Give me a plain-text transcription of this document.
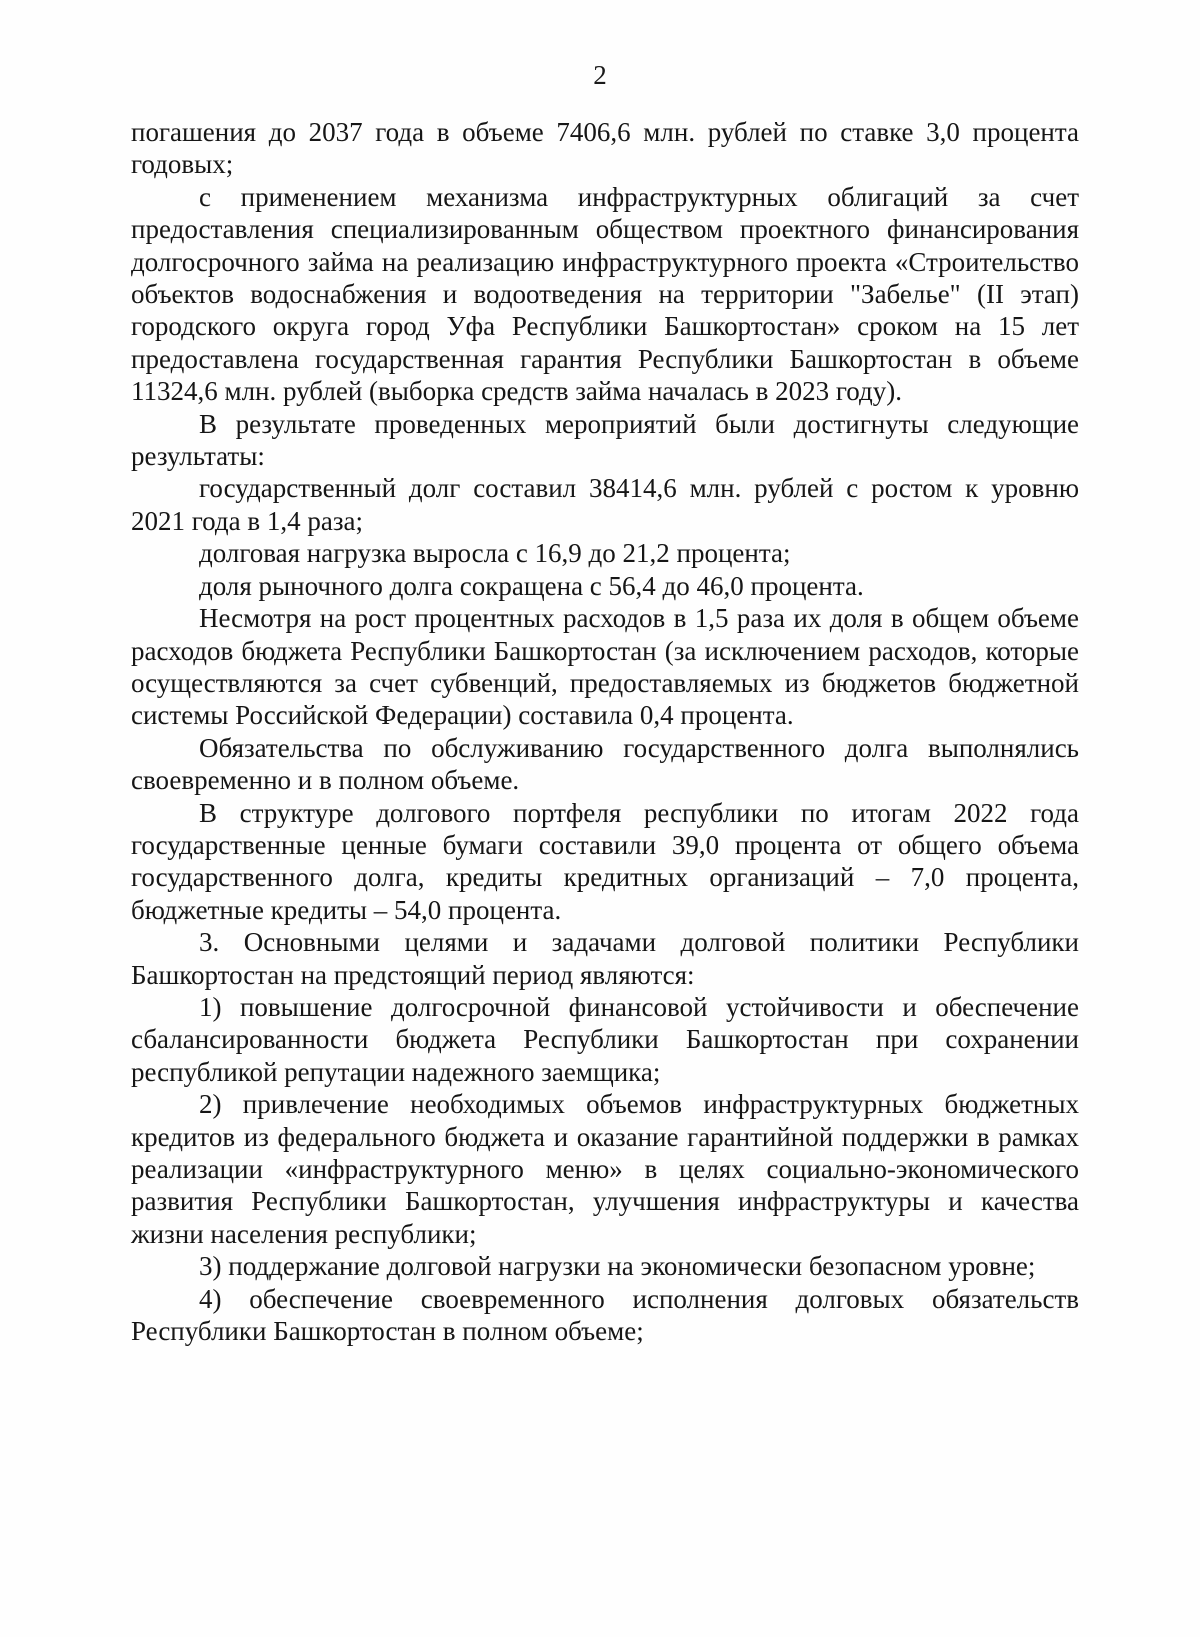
2

погашения до 2037 года в объеме 7406,6 млн. рублей по ставке 3,0 процента годовых;

с применением механизма инфраструктурных облигаций за счет предоставления специализированным обществом проектного финансирования долгосрочного займа на реализацию инфраструктурного проекта «Строительство объектов водоснабжения и водоотведения на территории "Забелье" (II этап) городского округа город Уфа Республики Башкортостан» сроком на 15 лет предоставлена государственная гарантия Республики Башкортостан в объеме 11324,6 млн. рублей (выборка средств займа началась в 2023 году).

В результате проведенных мероприятий были достигнуты следующие результаты:

государственный долг составил 38414,6 млн. рублей с ростом к уровню 2021 года в 1,4 раза;

долговая нагрузка выросла с 16,9 до 21,2 процента;

доля рыночного долга сокращена с 56,4 до 46,0 процента.

Несмотря на рост процентных расходов в 1,5 раза их доля в общем объеме расходов бюджета Республики Башкортостан (за исключением расходов, которые осуществляются за счет субвенций, предоставляемых из бюджетов бюджетной системы Российской Федерации) составила 0,4 процента.

Обязательства по обслуживанию государственного долга выполнялись своевременно и в полном объеме.

В структуре долгового портфеля республики по итогам 2022 года государственные ценные бумаги составили 39,0 процента от общего объема государственного долга, кредиты кредитных организаций – 7,0 процента, бюджетные кредиты – 54,0 процента.

3. Основными целями и задачами долговой политики Республики Башкортостан на предстоящий период являются:

1) повышение долгосрочной финансовой устойчивости и обеспечение сбалансированности бюджета Республики Башкортостан при сохранении республикой репутации надежного заемщика;

2) привлечение необходимых объемов инфраструктурных бюджетных кредитов из федерального бюджета и оказание гарантийной поддержки в рамках реализации «инфраструктурного меню» в целях социально-экономического развития Республики Башкортостан, улучшения инфраструктуры и качества жизни населения республики;

3) поддержание долговой нагрузки на экономически безопасном уровне;

4) обеспечение своевременного исполнения долговых обязательств Республики Башкортостан в полном объеме;
